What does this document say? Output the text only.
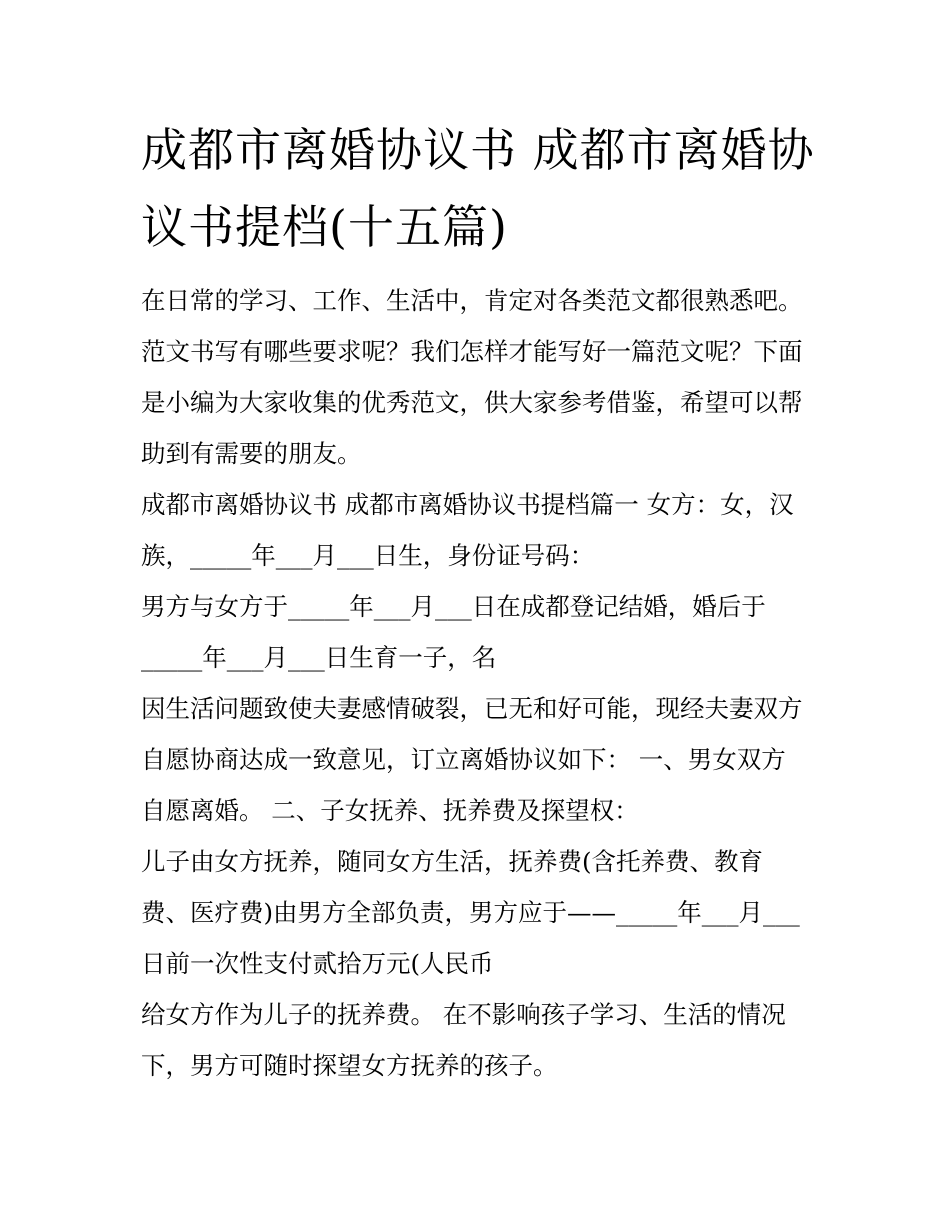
成都市离婚协议书 成都市离婚协议书提档(十五篇)

在日常的学习、工作、生活中，肯定对各类范文都很熟悉吧。

范文书写有哪些要求呢？我们怎样才能写好一篇范文呢？下面

是小编为大家收集的优秀范文，供大家参考借鉴，希望可以帮

助到有需要的朋友。

成都市离婚协议书 成都市离婚协议书提档篇一 女方：女，汉

族，_____年___月___日生，身份证号码：

男方与女方于_____年___月___日在成都登记结婚，婚后于

_____年___月___日生育一子，名

因生活问题致使夫妻感情破裂，已无和好可能，现经夫妻双方

自愿协商达成一致意见，订立离婚协议如下： 一、男女双方

自愿离婚。 二、子女抚养、抚养费及探望权：

儿子由女方抚养，随同女方生活，抚养费(含托养费、教育

费、医疗费)由男方全部负责，男方应于——_____年___月___

日前一次性支付贰拾万元(人民币

给女方作为儿子的抚养费。 在不影响孩子学习、生活的情况

下，男方可随时探望女方抚养的孩子。
